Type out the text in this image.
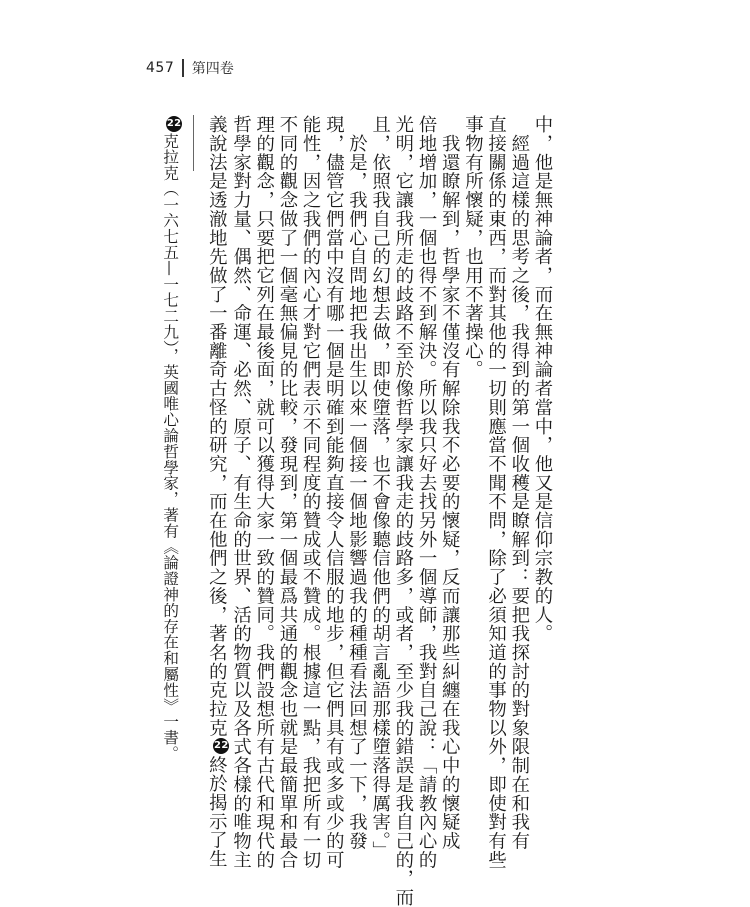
457 第四卷
中，他是無神論者，而在無神論者當中，他又是信仰宗教的人。
　經過這樣的思考之後，我得到的第一個收穫是瞭解到：要把我探討的對象限制在和我有
直接關係的東西，而對其他的一切則應當不聞不問，除了必須知道的事物以外，即使對有些
事物有所懷疑，也用不著操心。
　我還瞭解到，哲學家不僅沒有解除我不必要的懷疑，反而讓那些糾纏在我心中的懷疑成
倍地增加，一個也得不到解決。所以我只好去找另外一個導師，我對自己說：「請教內心的
光明，它讓我所走的歧路不至於像哲學家讓我走的歧路多，或者，至少我的錯誤是我自己的，而
且，依照我自己的幻想去做，即使墮落，也不會像聽信他們的胡言亂語那樣墮落得厲害。」
　於是，我們心自問地把我出生以來一個接一個地影響過我的種種看法回想了一下，我發
現，儘管它們當中沒有哪一個是明確到能夠直接令人信服的地步，但它們具有或多或少的可
能性，因之我們的內心才對它們表示不同程度的贊成或不贊成。根據這一點，我把所有一切
不同的觀念做了一個毫無偏見的比較，發現到，第一個最爲共通的觀念也就是最簡單和最合
理的觀念，只要把它列在最後面，就可以獲得大家一致的贊同。我們設想所有古代和現代的
哲學家對力量、偶然、命運、必然、原子、有生命的世界、活的物質以及各式各樣的唯物主
義說法是透澈地先做了一番離奇古怪的研究，而在他們之後，著名的克拉克22終於揭示了生
22克拉克（一六七五—一七二九），英國唯心論哲學家，著有《論證神的存在和屬性》一書。
